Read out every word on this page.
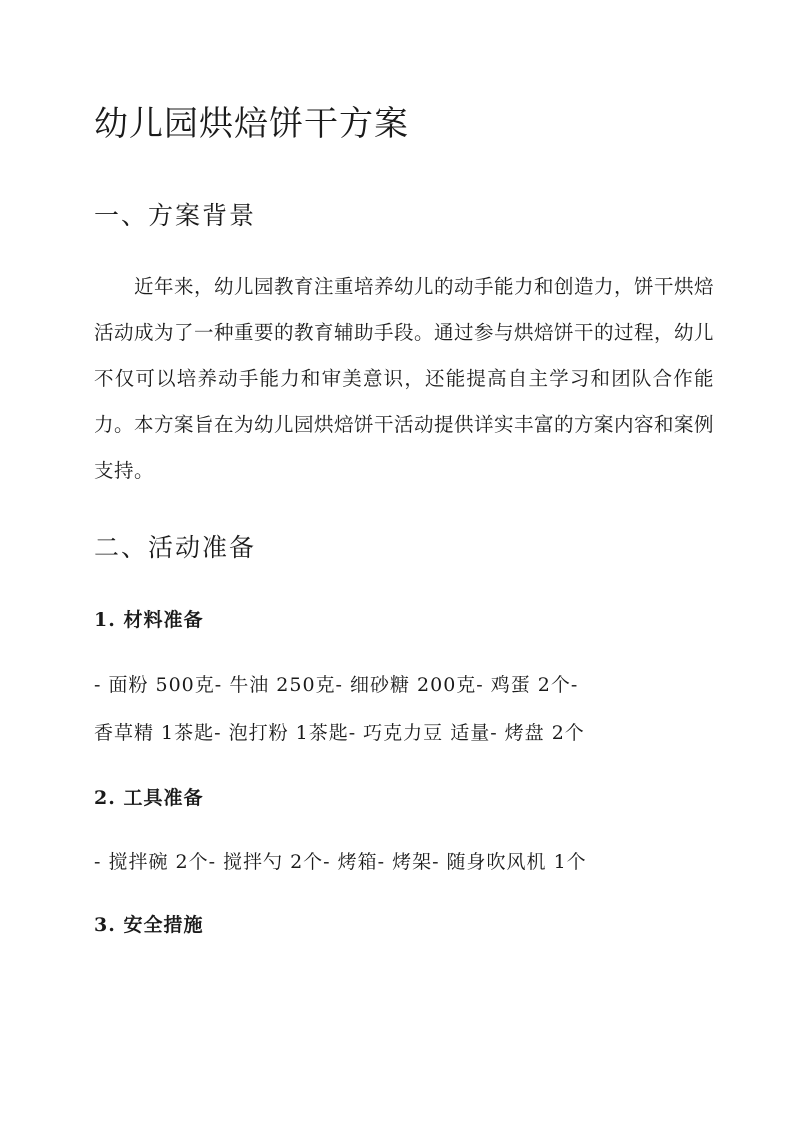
幼儿园烘焙饼干方案
一、方案背景

近年来，幼儿园教育注重培养幼儿的动手能力和创造力，饼干烘焙活动成为了一种重要的教育辅助手段。通过参与烘焙饼干的过程，幼儿不仅可以培养动手能力和审美意识，还能提高自主学习和团队合作能力。本方案旨在为幼儿园烘焙饼干活动提供详实丰富的方案内容和案例支持。

二、活动准备
1. 材料准备

- 面粉 500克- 牛油 250克- 细砂糖 200克- 鸡蛋 2个-

香草精 1茶匙- 泡打粉 1茶匙- 巧克力豆 适量- 烤盘 2个

2. 工具准备

- 搅拌碗 2个- 搅拌勺 2个- 烤箱- 烤架- 随身吹风机 1个

3. 安全措施
